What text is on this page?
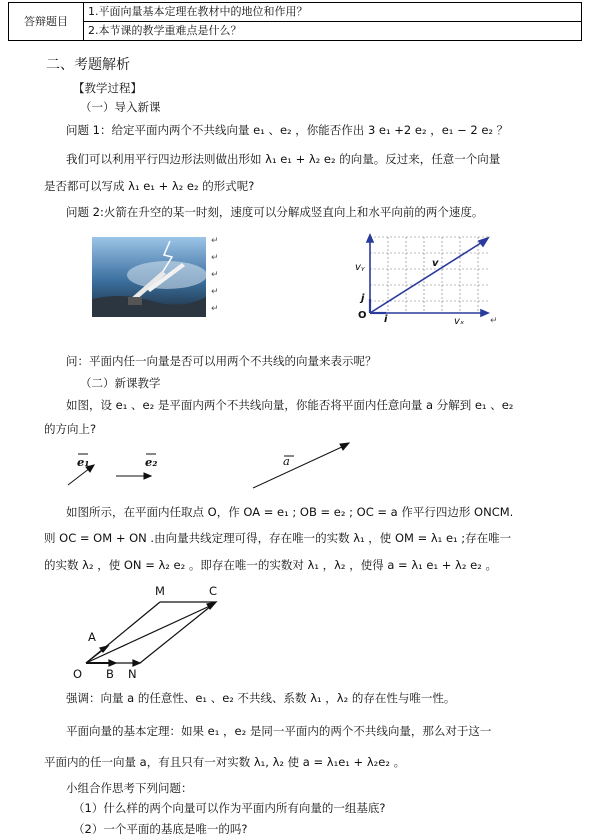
答辩题目	1.平面向量基本定理在教材中的地位和作用？
2.本节课的教学重难点是什么？
二、考题解析
【教学过程】
（一）导入新课
问题 1：给定平面内两个不共线向量 e₁ 、e₂ ，你能否作出 3 e₁ +2 e₂ ，e₁ − 2 e₂ ？
我们可以利用平行四边形法则做出形如 λ₁ e₁ + λ₂ e₂ 的向量。反过来，任意一个向量
是否都可以写成 λ₁ e₁ + λ₂ e₂ 的形式呢?
问题 2:火箭在升空的某一时刻，速度可以分解成竖直向上和水平向前的两个速度。
↵
↵
↵
↵
↵
vᵧ	v
j
O i	vₓ	↵
问：平面内任一向量是否可以用两个不共线的向量来表示呢？
（二）新课教学
如图，设 e₁ 、e₂ 是平面内两个不共线向量，你能否将平面内任意向量 a 分解到 e₁ 、e₂
的方向上?
e₁	e₂	a
如图所示，在平面内任取点 O，作 OA = e₁ ; OB = e₂ ; OC = a 作平行四边形 ONCM.
则 OC = OM + ON .由向量共线定理可得，存在唯一的实数 λ₁ ，使 OM = λ₁ e₁ ;存在唯一
的实数 λ₂ ，使 ON = λ₂ e₂ 。即存在唯一的实数对 λ₁ ，λ₂ ，使得 a = λ₁ e₁ + λ₂ e₂ 。
M	C
A
O B N
强调：向量 a 的任意性、e₁ 、e₂ 不共线、系数 λ₁ ，λ₂ 的存在性与唯一性。
平面向量的基本定理：如果 e₁ ，e₂ 是同一平面内的两个不共线向量，那么对于这一
平面内的任一向量 a，有且只有一对实数 λ₁, λ₂ 使 a = λ₁e₁ + λ₂e₂ 。
小组合作思考下列问题：
（1）什么样的两个向量可以作为平面内所有向量的一组基底?
（2）一个平面的基底是唯一的吗?
